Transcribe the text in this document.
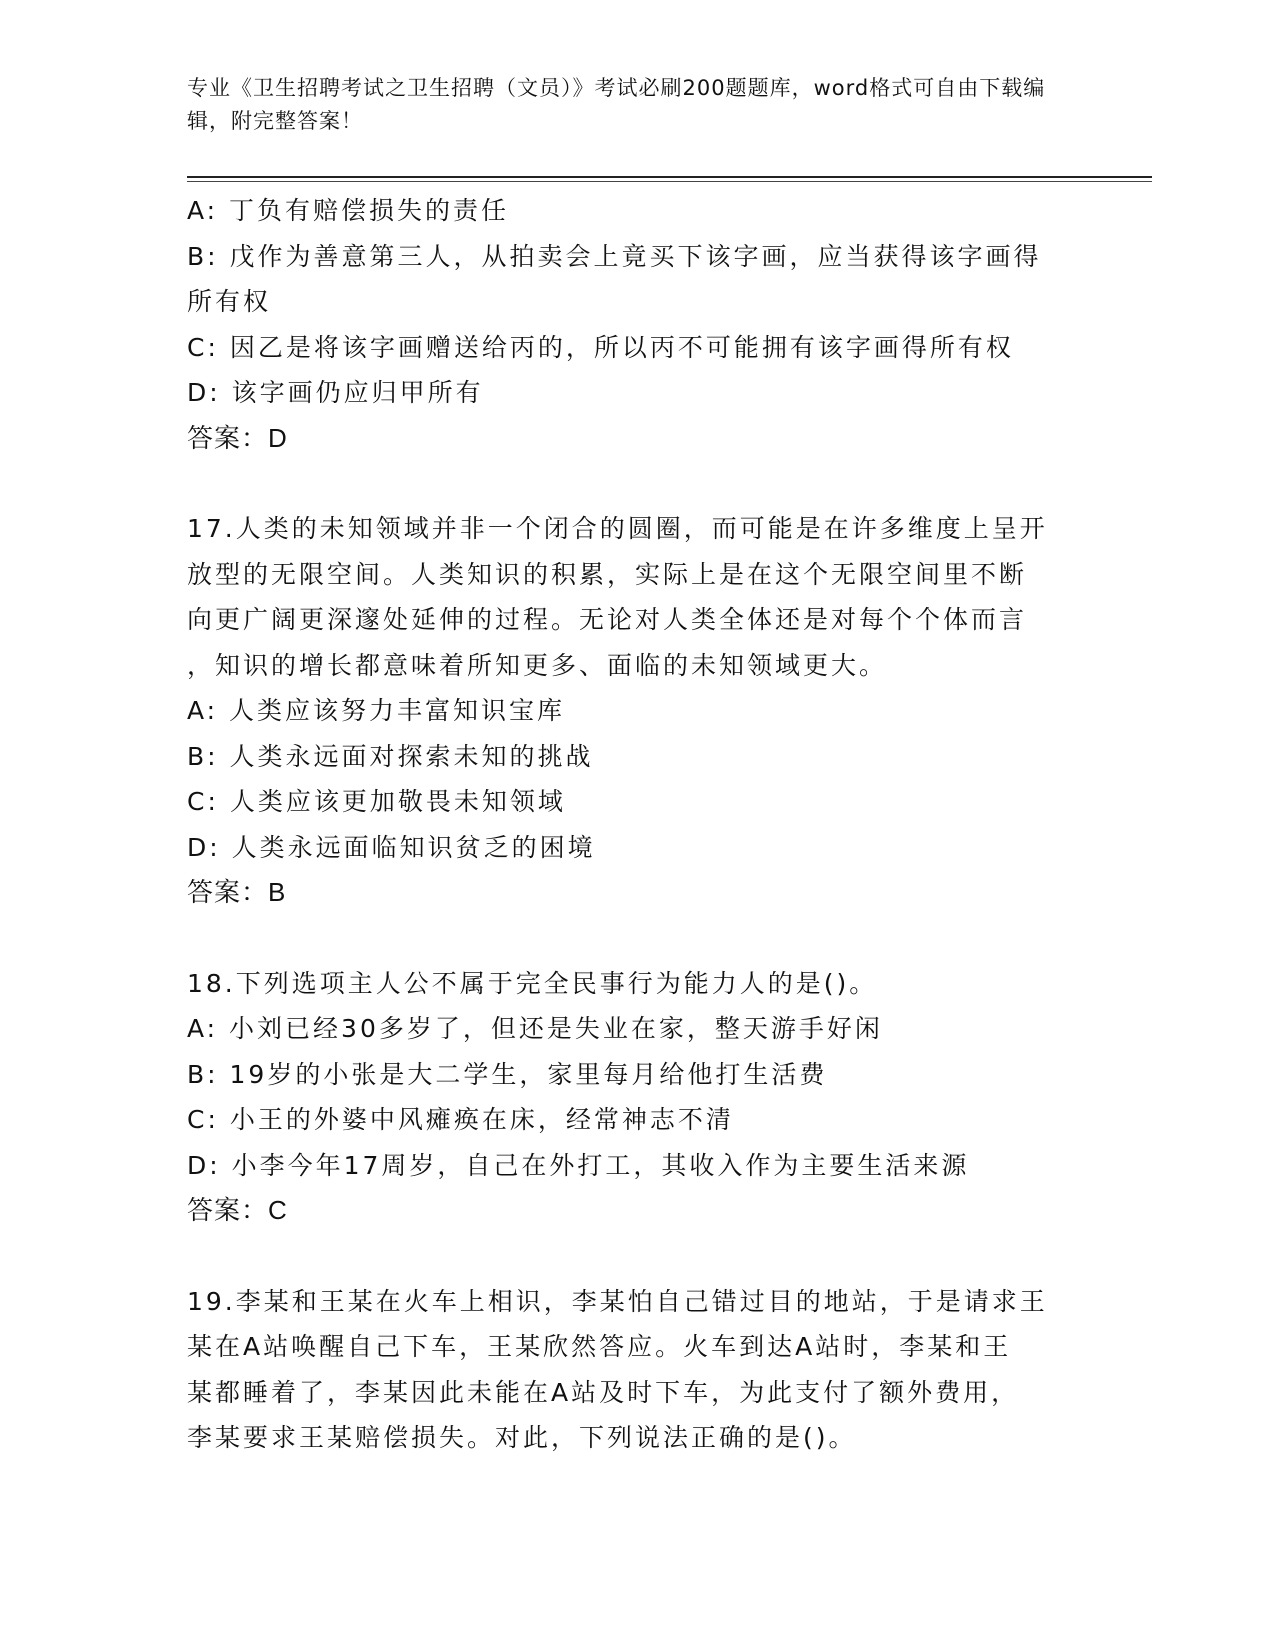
专业《卫生招聘考试之卫生招聘（文员）》考试必刷200题题库，word格式可自由下载编辑，附完整答案！
A: 丁负有赔偿损失的责任
B: 戊作为善意第三人，从拍卖会上竟买下该字画，应当获得该字画得
所有权
C: 因乙是将该字画赠送给丙的，所以丙不可能拥有该字画得所有权
D: 该字画仍应归甲所有
答案：D
17.人类的未知领域并非一个闭合的圆圈，而可能是在许多维度上呈开
放型的无限空间。人类知识的积累，实际上是在这个无限空间里不断
向更广阔更深邃处延伸的过程。无论对人类全体还是对每个个体而言
，知识的增长都意味着所知更多、面临的未知领域更大。
A: 人类应该努力丰富知识宝库
B: 人类永远面对探索未知的挑战
C: 人类应该更加敬畏未知领域
D: 人类永远面临知识贫乏的困境
答案：B
18.下列选项主人公不属于完全民事行为能力人的是()。
A: 小刘已经30多岁了，但还是失业在家，整天游手好闲
B: 19岁的小张是大二学生，家里每月给他打生活费
C: 小王的外婆中风瘫痪在床，经常神志不清
D: 小李今年17周岁，自己在外打工，其收入作为主要生活来源
答案：C
19.李某和王某在火车上相识，李某怕自己错过目的地站，于是请求王
某在A站唤醒自己下车，王某欣然答应。火车到达A站时，李某和王
某都睡着了，李某因此未能在A站及时下车，为此支付了额外费用，
李某要求王某赔偿损失。对此，下列说法正确的是()。
